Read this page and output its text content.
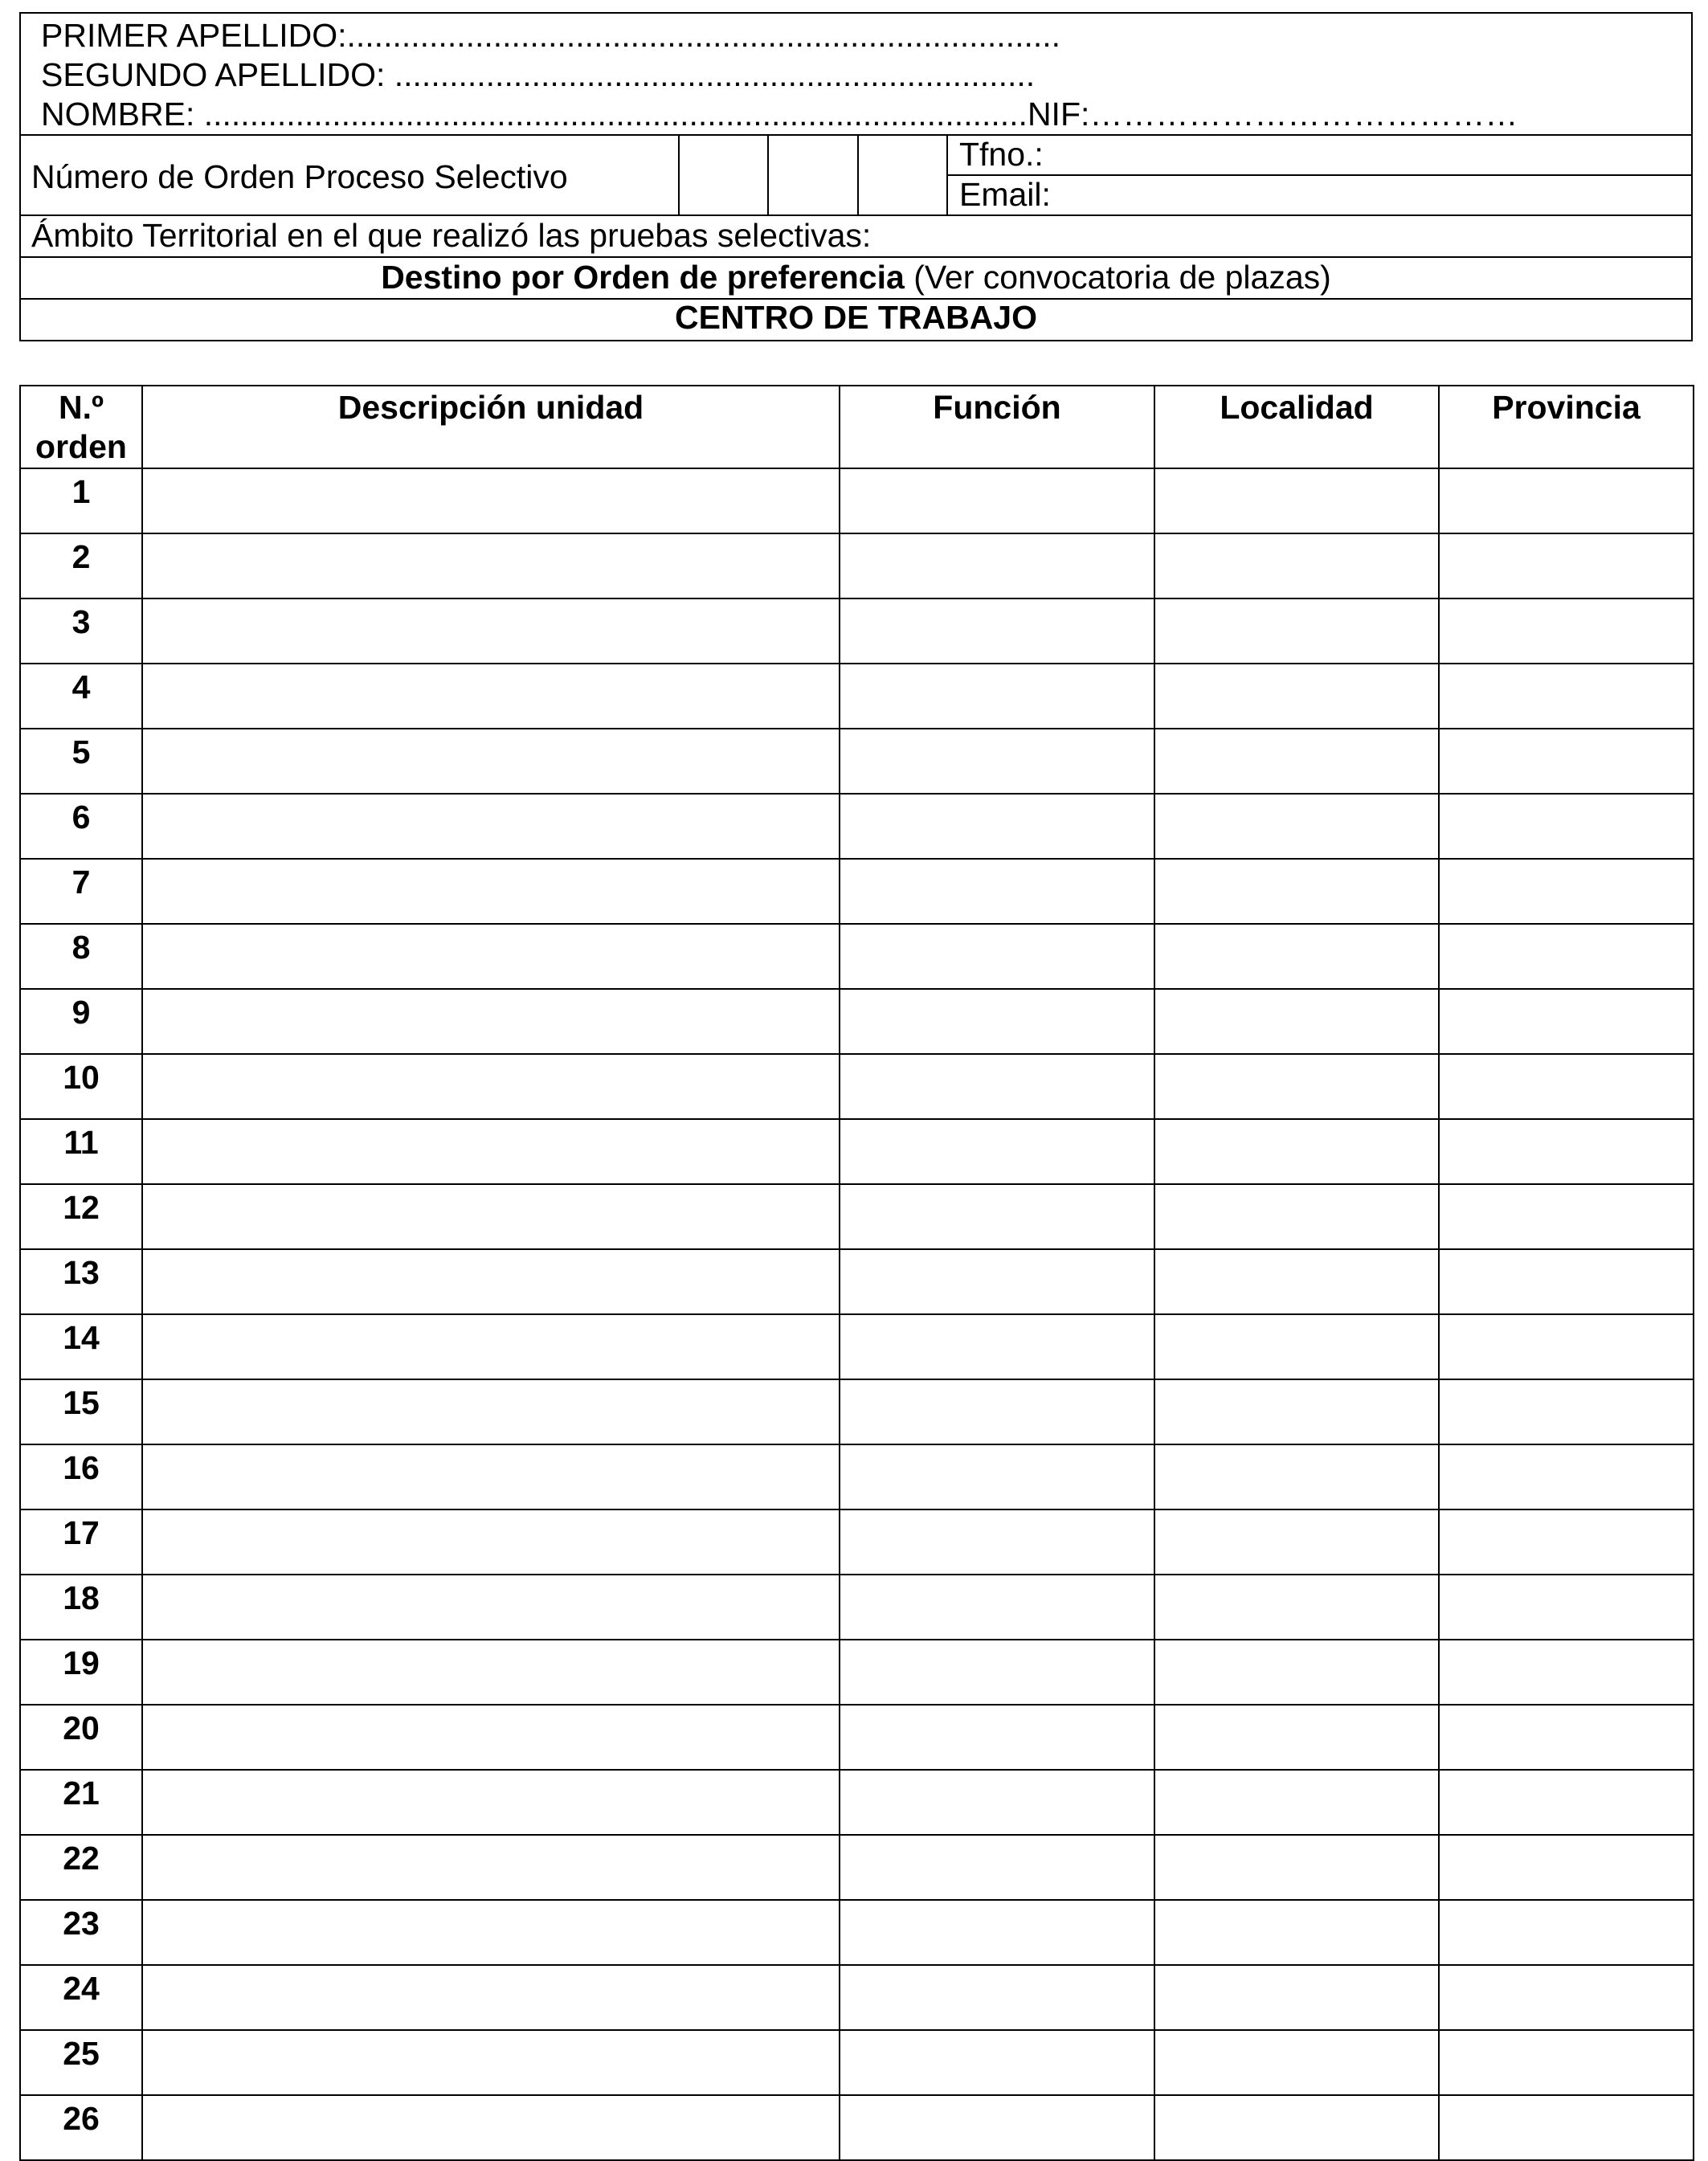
PRIMER APELLIDO:..............................................................................
SEGUNDO APELLIDO: ......................................................................
NOMBRE: ..........................................................................................NIF:…………………………………
Número de Orden Proceso Selectivo
Tfno.:
Email:
Ámbito Territorial en el que realizó las pruebas selectivas:
Destino por Orden de preferencia (Ver convocatoria de plazas)
CENTRO DE TRABAJO
N.º
orden	Descripción unidad	Función	Localidad	Provincia
1				
2				
3				
4				
5				
6				
7				
8				
9				
10				
11				
12				
13				
14				
15				
16				
17				
18				
19				
20				
21				
22				
23				
24				
25				
26				
